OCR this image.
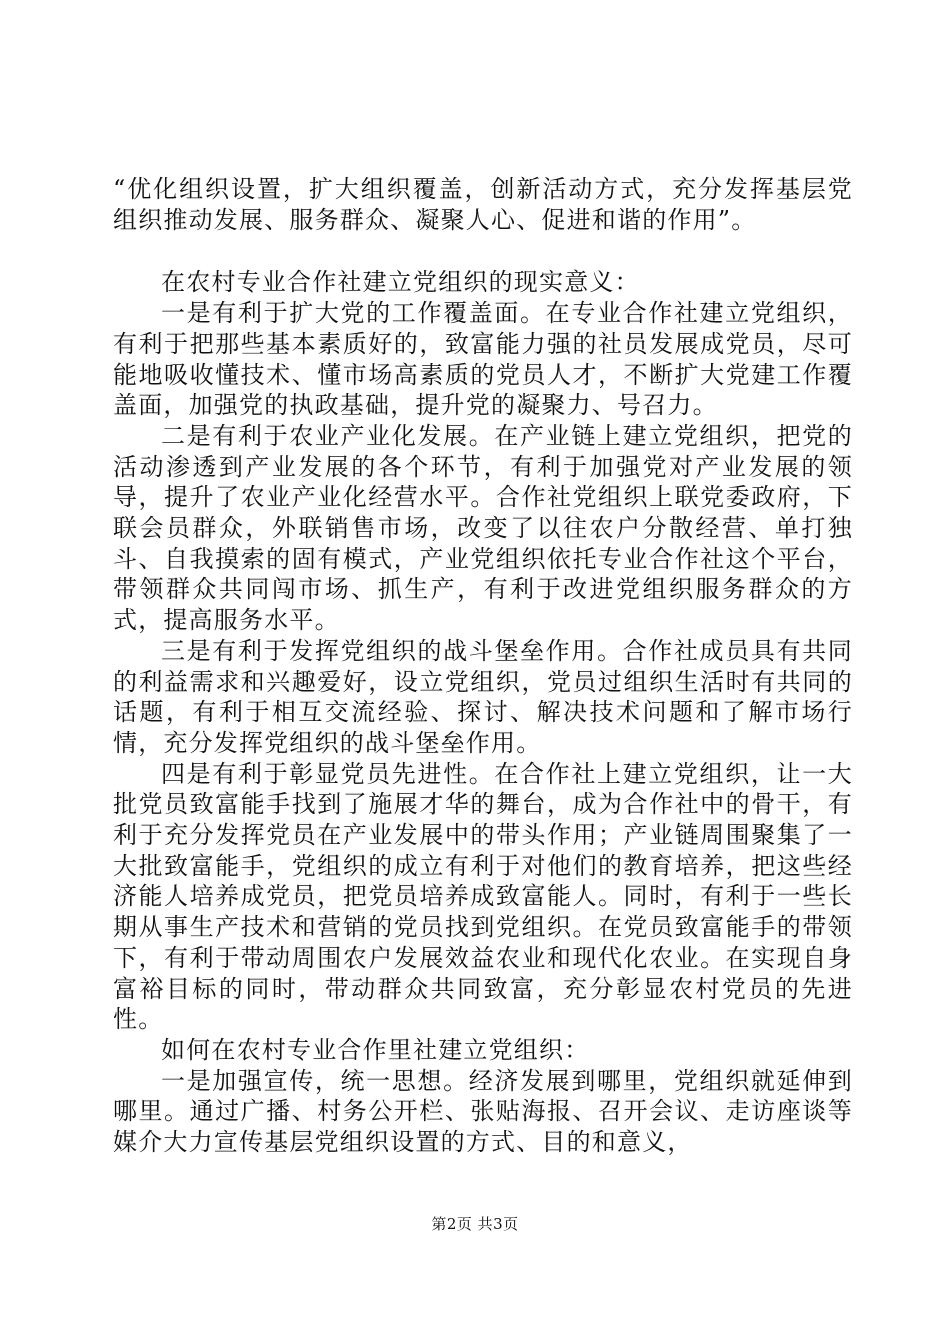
“优化组织设置，扩大组织覆盖，创新活动方式，充分发挥基层党组织推动发展、服务群众、凝聚人心、促进和谐的作用”。

在农村专业合作社建立党组织的现实意义：

一是有利于扩大党的工作覆盖面。在专业合作社建立党组织，有利于把那些基本素质好的，致富能力强的社员发展成党员，尽可能地吸收懂技术、懂市场高素质的党员人才，不断扩大党建工作覆盖面，加强党的执政基础，提升党的凝聚力、号召力。

二是有利于农业产业化发展。在产业链上建立党组织，把党的活动渗透到产业发展的各个环节，有利于加强党对产业发展的领导，提升了农业产业化经营水平。合作社党组织上联党委政府，下联会员群众，外联销售市场，改变了以往农户分散经营、单打独斗、自我摸索的固有模式，产业党组织依托专业合作社这个平台，带领群众共同闯市场、抓生产，有利于改进党组织服务群众的方式，提高服务水平。

三是有利于发挥党组织的战斗堡垒作用。合作社成员具有共同的利益需求和兴趣爱好，设立党组织，党员过组织生活时有共同的话题，有利于相互交流经验、探讨、解决技术问题和了解市场行情，充分发挥党组织的战斗堡垒作用。

四是有利于彰显党员先进性。在合作社上建立党组织，让一大批党员致富能手找到了施展才华的舞台，成为合作社中的骨干，有利于充分发挥党员在产业发展中的带头作用；产业链周围聚集了一大批致富能手，党组织的成立有利于对他们的教育培养，把这些经济能人培养成党员，把党员培养成致富能人。同时，有利于一些长期从事生产技术和营销的党员找到党组织。在党员致富能手的带领下，有利于带动周围农户发展效益农业和现代化农业。在实现自身富裕目标的同时，带动群众共同致富，充分彰显农村党员的先进性。

如何在农村专业合作里社建立党组织：

一是加强宣传，统一思想。经济发展到哪里，党组织就延伸到哪里。通过广播、村务公开栏、张贴海报、召开会议、走访座谈等媒介大力宣传基层党组织设置的方式、目的和意义，

第2页 共3页
